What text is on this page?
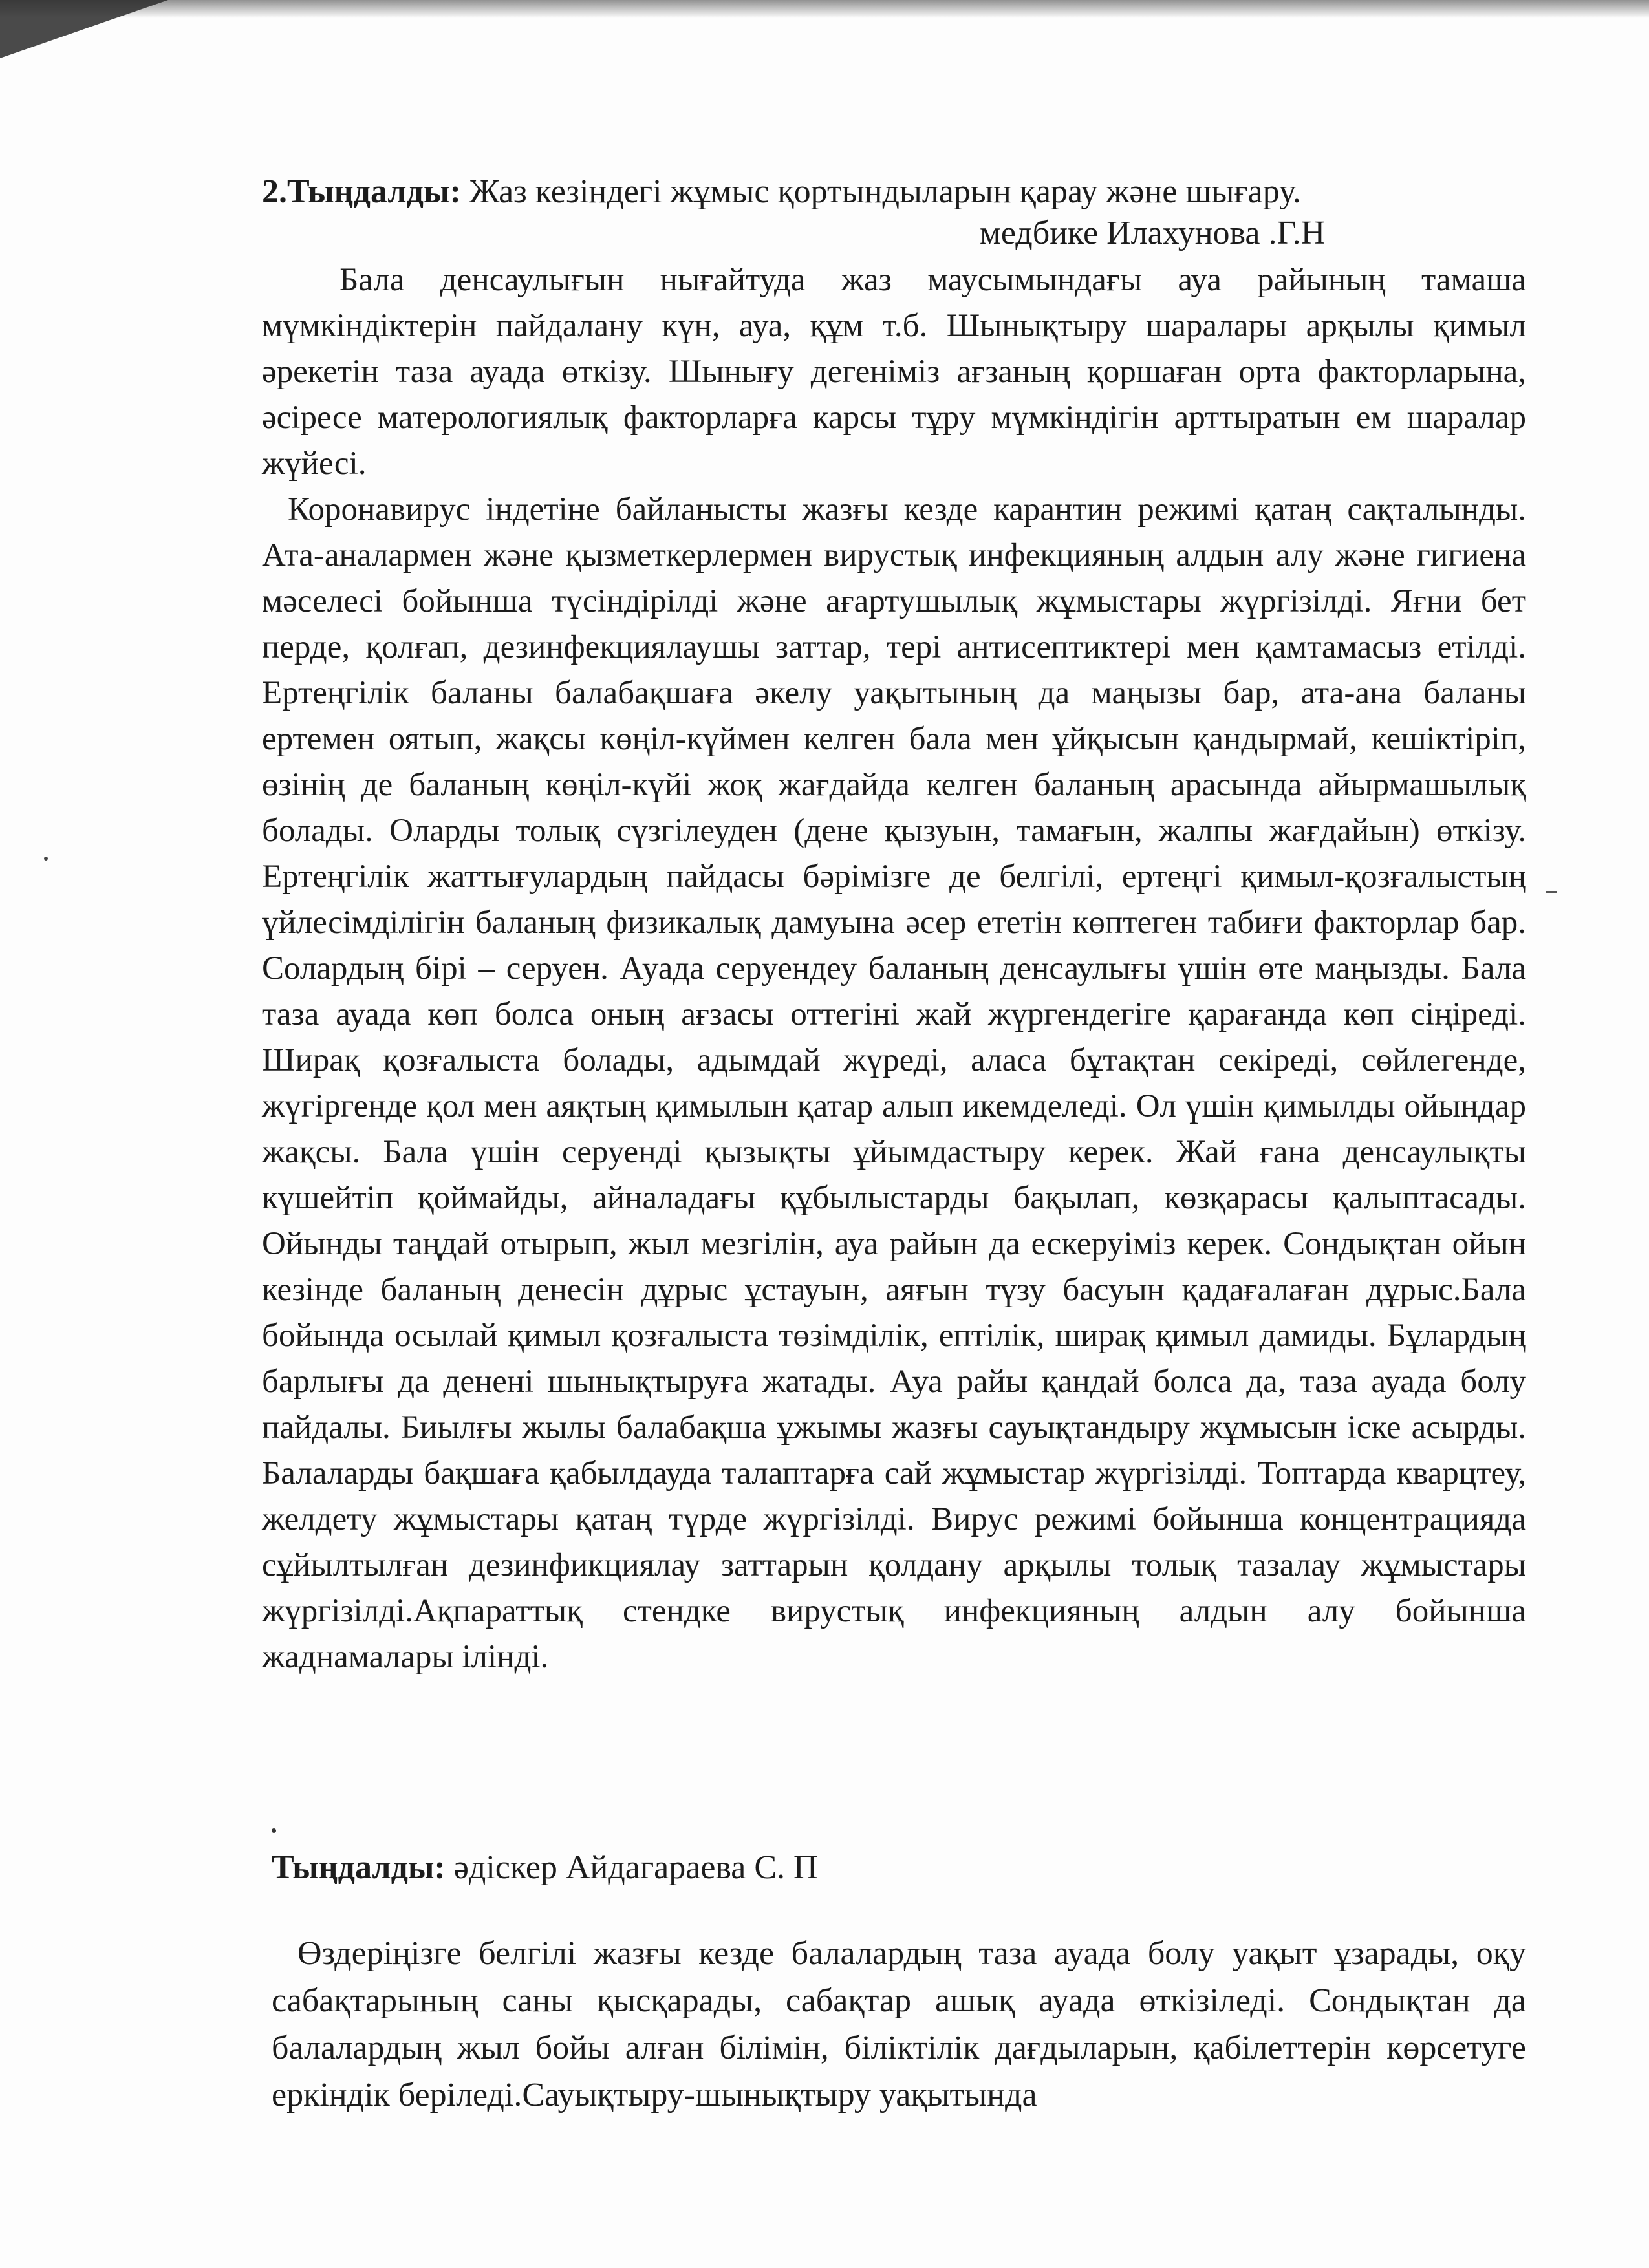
2.Тыңдалды: Жаз кезіндегі жұмыс қортындыларын қарау және шығару.
медбике Илахунова .Г.Н

Бала денсаулығын нығайтуда жаз маусымындағы ауа райының тамаша мүмкіндіктерін пайдалану күн, ауа, құм т.б. Шынықтыру шаралары арқылы қимыл әрекетін таза ауада өткізу. Шынығу дегеніміз ағзаның қоршаған орта факторларына, әсіресе матерологиялық факторларға карсы тұру мүмкіндігін арттыратын ем шаралар жүйесі.

Коронавирус індетіне байланысты жазғы кезде карантин режимі қатаң сақталынды. Ата-аналармен және қызметкерлермен вирустық инфекцияның алдын алу және гигиена мәселесі бойынша түсіндірілді және ағартушылық жұмыстары жүргізілді. Яғни бет перде, қолғап, дезинфекциялаушы заттар, тері антисептиктері мен қамтамасыз етілді. Ертеңгілік баланы балабақшаға әкелу уақытының да маңызы бар, ата-ана баланы ертемен оятып, жақсы көңіл-күймен келген бала мен ұйқысын қандырмай, кешіктіріп, өзінің де баланың көңіл-күйі жоқ жағдайда келген баланың арасында айырмашылық болады. Оларды толық сүзгілеуден (дене қызуын, тамағын, жалпы жағдайын) өткізу. Ертеңгілік жаттығулардың пайдасы бәрімізге де белгілі, ертеңгі қимыл-қозғалыстың үйлесімділігін баланың физикалық дамуына әсер ететін көптеген табиғи факторлар бар. Солардың бірі – серуен. Ауада серуендеу баланың денсаулығы үшін өте маңызды. Бала таза ауада көп болса оның ағзасы оттегіні жай жүргендегіге қарағанда көп сіңіреді. Ширақ қозғалыста болады, адымдай жүреді, аласа бұтақтан секіреді, сөйлегенде, жүгіргенде қол мен аяқтың қимылын қатар алып икемделеді. Ол үшін қимылды ойындар жақсы. Бала үшін серуенді қызықты ұйымдастыру керек. Жай ғана денсаулықты күшейтіп қоймайды, айналадағы құбылыстарды бақылап, көзқарасы қалыптасады. Ойынды таңдай отырып, жыл мезгілін, ауа райын да ескеруіміз керек. Сондықтан ойын кезінде баланың денесін дұрыс ұстауын, аяғын түзу басуын қадағалаған дұрыс.Бала бойында осылай қимыл қозғалыста төзімділік, ептілік, ширақ қимыл дамиды. Бұлардың барлығы да денені шынықтыруға жатады. Ауа райы қандай болса да, таза ауада болу пайдалы. Биылғы жылы балабақша ұжымы жазғы сауықтандыру жұмысын іске асырды. Балаларды бақшаға қабылдауда талаптарға сай жұмыстар жүргізілді. Топтарда кварцтеу, желдету жұмыстары қатаң түрде жүргізілді. Вирус режимі бойынша концентрацияда сұйылтылған дезинфикциялау заттарын қолдану арқылы толық тазалау жұмыстары жүргізілді.Ақпараттық стендке вирустық инфекцияның алдын алу бойынша жаднамалары ілінді.

Тыңдалды: әдіскер Айдагараева С. П

Өздеріңізге белгілі жазғы кезде балалардың таза ауада болу уақыт ұзарады, оқу сабақтарының саны қысқарады, сабақтар ашық ауада өткізіледі. Сондықтан да балалардың жыл бойы алған білімін, біліктілік дағдыларын, қабілеттерін көрсетуге еркіндік беріледі.Сауықтыру-шынықтыру уақытында
